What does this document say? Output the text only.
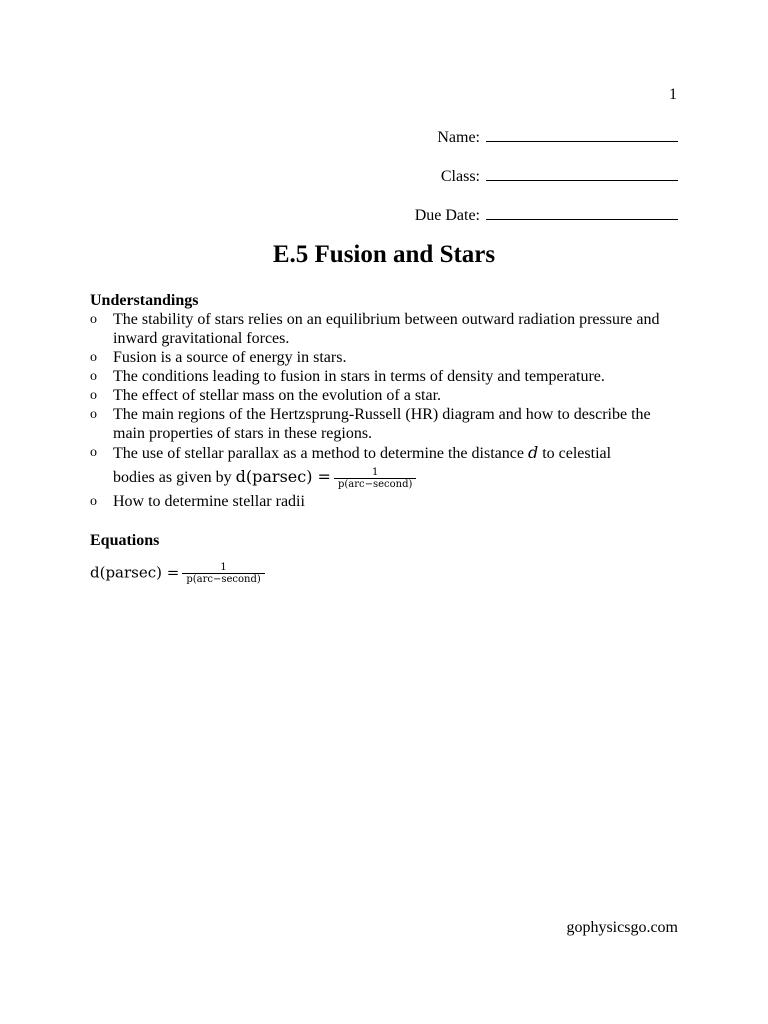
1
Name:
Class:
Due Date:
E.5 Fusion and Stars
Understandings
o The stability of stars relies on an equilibrium between outward radiation pressure and inward gravitational forces.
o Fusion is a source of energy in stars.
o The conditions leading to fusion in stars in terms of density and temperature.
o The effect of stellar mass on the evolution of a star.
o The main regions of the Hertzsprung-Russell (HR) diagram and how to describe the main properties of stars in these regions.
o The use of stellar parallax as a method to determine the distance d to celestial
bodies as given by $d(parsec) = \frac{1}{\text{p(arc−second)}}$
o How to determine stellar radii
Equations
$d(parsec) = \frac{1}{\text{p(arc−second)}}$
gophysicsgo.com
